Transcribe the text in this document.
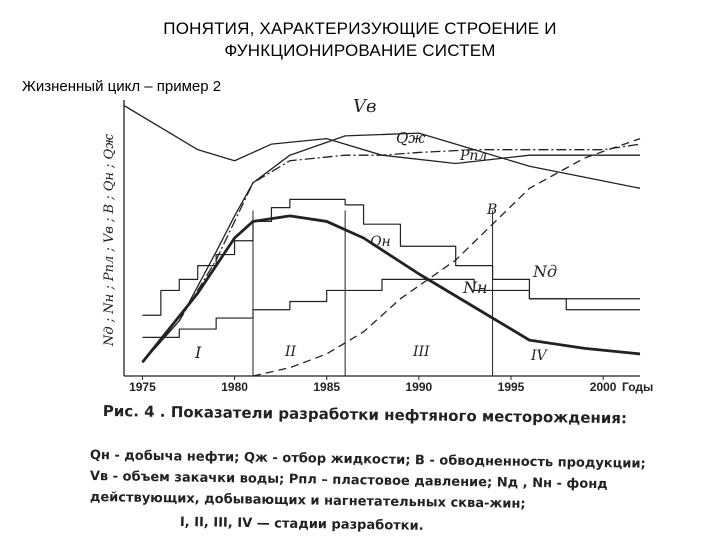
ПОНЯТИЯ, ХАРАКТЕРИЗУЮЩИЕ СТРОЕНИЕ И
ФУНКЦИОНИРОВАНИЕ СИСТЕМ
Жизненный цикл – пример 2
1975	1980	1985	1990	1995	2000 Годы
Nд ; Nн ; Pпл ; Vв ; B ; Qн ; Qж
Vв
Qж
Pпл
B
Qн
Nд
Nн
I	II	III	IV
Рис. 4 . Показатели разработки нефтяного месторождения:
Qн - добыча нефти; Qж - отбор жидкости; В - обводненность продукции;
Vв - объем закачки воды; Рпл – пластовое давление; Nд , Nн - фонд
действующих, добывающих и нагнетательных сква-жин;
I, II, III, IV — стадии разработки.
